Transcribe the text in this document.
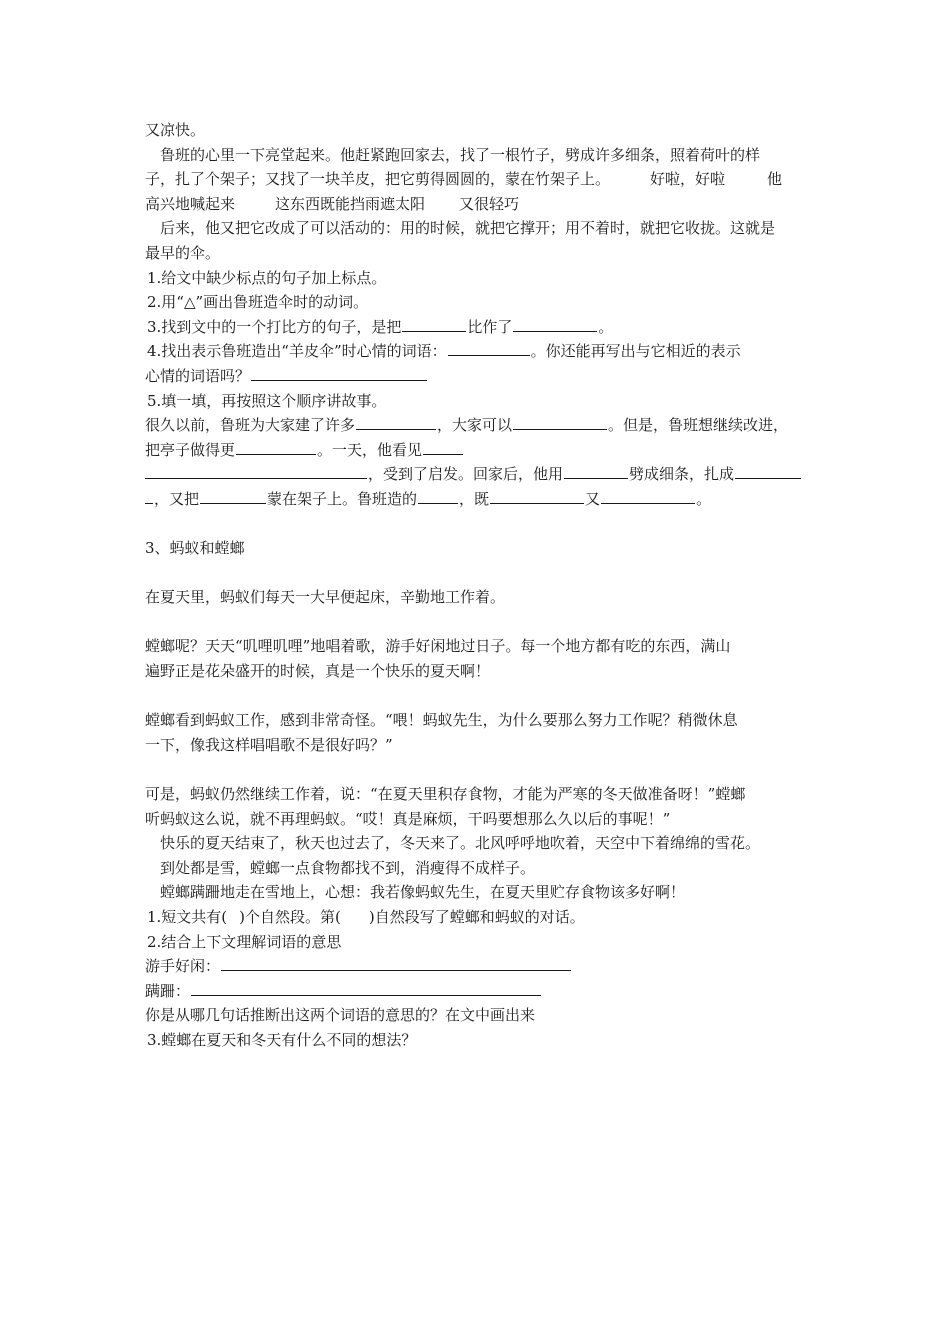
又凉快。
鲁班的心里一下亮堂起来。他赶紧跑回家去，找了一根竹子，劈成许多细条，照着荷叶的样
子，扎了个架子；又找了一块羊皮，把它剪得圆圆的，蒙在竹架子上。	好啦，好啦	他
高兴地喊起来	这东西既能挡雨遮太阳 又很轻巧
后来，他又把它改成了可以活动的：用的时候，就把它撑开；用不着时，就把它收拢。这就是
最早的伞。
1.给文中缺少标点的句子加上标点。
2.用“△”画出鲁班造伞时的动词。
3.找到文中的一个打比方的句子，是把	比作了	。
4.找出表示鲁班造出“羊皮伞”时心情的词语：	。你还能再写出与它相近的表示
心情的词语吗？
5.填一填，再按照这个顺序讲故事。
很久以前，鲁班为大家建了许多	，大家可以	。但是，鲁班想继续改进，
把亭子做得更	。一天，他看见
，受到了启发。回家后，他用	劈成细条，扎成
，又把	蒙在架子上。鲁班造的	，既	又	。
3、蚂蚁和螳螂
在夏天里，蚂蚁们每天一大早便起床，辛勤地工作着。
螳螂呢？天天“叽哩叽哩”地唱着歌，游手好闲地过日子。每一个地方都有吃的东西，满山
遍野正是花朵盛开的时候，真是一个快乐的夏天啊！
螳螂看到蚂蚁工作，感到非常奇怪。“喂！蚂蚁先生，为什么要那么努力工作呢？稍微休息
一下，像我这样唱唱歌不是很好吗？”
可是，蚂蚁仍然继续工作着，说：“在夏天里积存食物，才能为严寒的冬天做准备呀！”螳螂
听蚂蚁这么说，就不再理蚂蚁。“哎！真是麻烦，干吗要想那么久以后的事呢！”
快乐的夏天结束了，秋天也过去了，冬天来了。北风呼呼地吹着，天空中下着绵绵的雪花。
到处都是雪，螳螂一点食物都找不到，消瘦得不成样子。
螳螂蹒跚地走在雪地上，心想：我若像蚂蚁先生，在夏天里贮存食物该多好啊！
1.短文共有( )个自然段。第( )自然段写了螳螂和蚂蚁的对话。
2.结合上下文理解词语的意思
游手好闲：
蹒跚：
你是从哪几句话推断出这两个词语的意思的？在文中画出来
3.螳螂在夏天和冬天有什么不同的想法？
